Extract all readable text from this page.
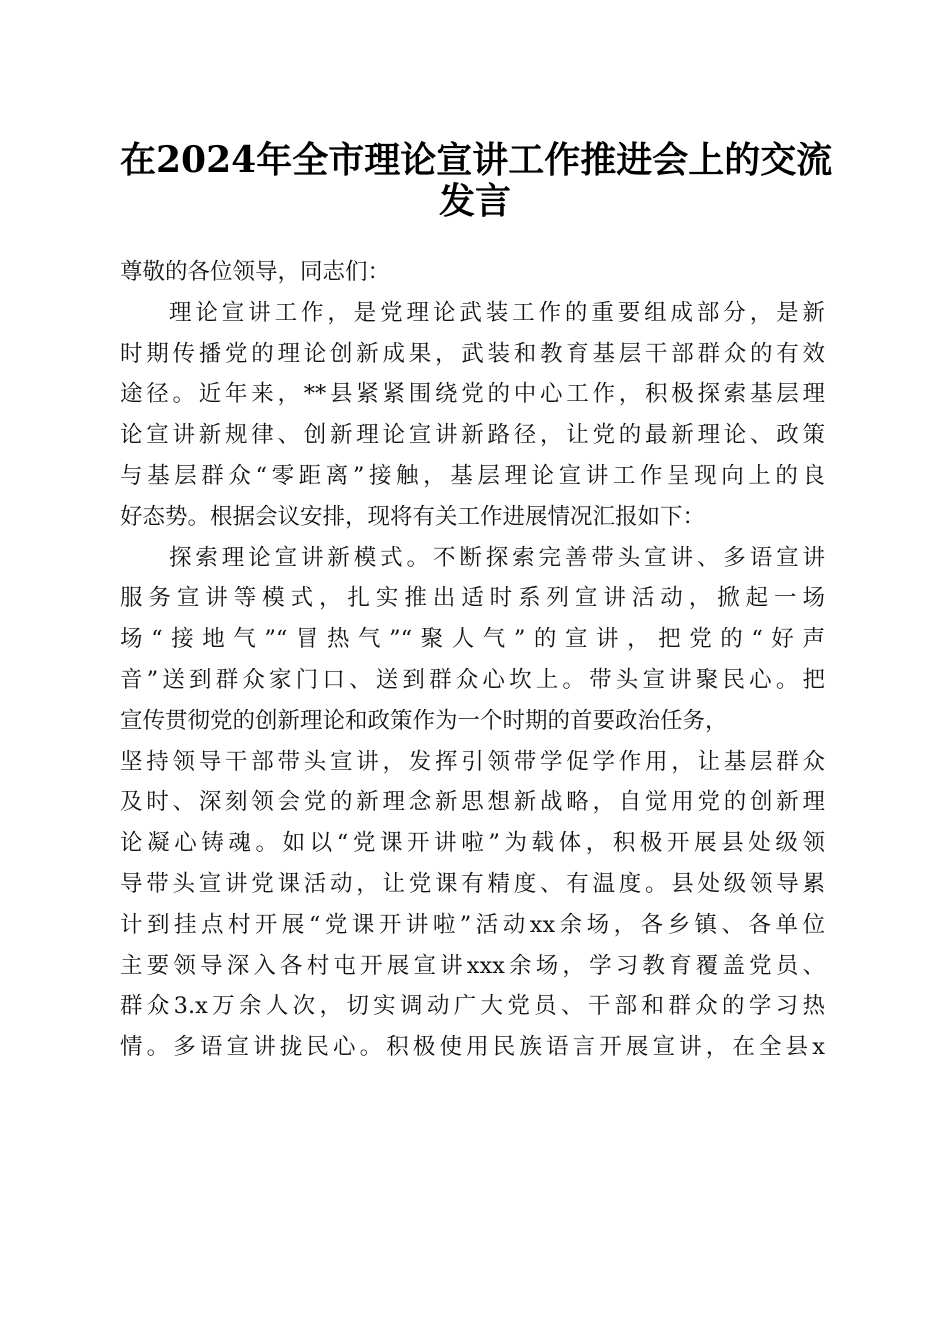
在2024年全市理论宣讲工作推进会上的交流
发言
尊敬的各位领导，同志们：
理论宣讲工作，是党理论武装工作的重要组成部分，是新
时期传播党的理论创新成果，武装和教育基层干部群众的有效
途径。近年来，**县紧紧围绕党的中心工作，积极探索基层理
论宣讲新规律、创新理论宣讲新路径，让党的最新理论、政策
与基层群众“零距离”接触，基层理论宣讲工作呈现向上的良
好态势。根据会议安排，现将有关工作进展情况汇报如下：
探索理论宣讲新模式。不断探索完善带头宣讲、多语宣讲
服务宣讲等模式，扎实推出适时系列宣讲活动，掀起一场
场“接地气”“冒热气”“聚人气”的宣讲，把党的“好声
音”送到群众家门口、送到群众心坎上。带头宣讲聚民心。把
宣传贯彻党的创新理论和政策作为一个时期的首要政治任务，
坚持领导干部带头宣讲，发挥引领带学促学作用，让基层群众
及时、深刻领会党的新理念新思想新战略，自觉用党的创新理
论凝心铸魂。如以“党课开讲啦”为载体，积极开展县处级领
导带头宣讲党课活动，让党课有精度、有温度。县处级领导累
计到挂点村开展“党课开讲啦”活动xx余场，各乡镇、各单位
主要领导深入各村屯开展宣讲xxx余场，学习教育覆盖党员、
群众3.x万余人次，切实调动广大党员、干部和群众的学习热
情。多语宣讲拢民心。积极使用民族语言开展宣讲，在全县x
